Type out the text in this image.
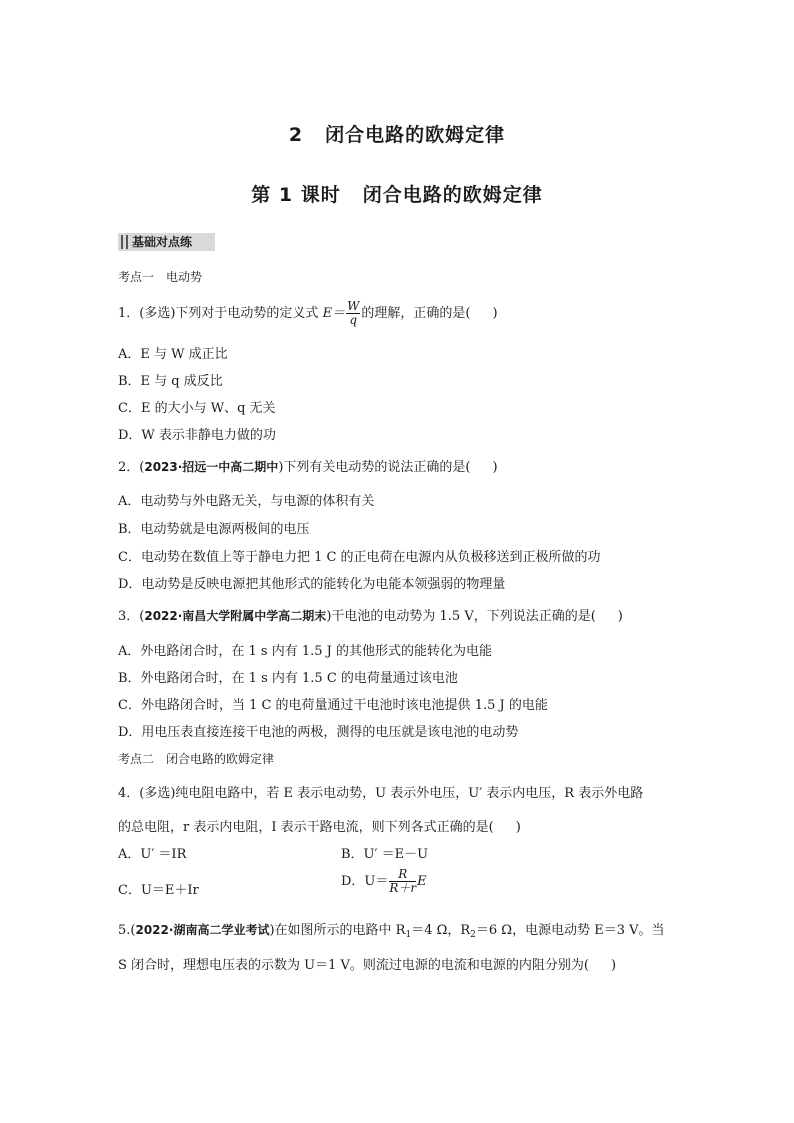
2 闭合电路的欧姆定律
第 1 课时 闭合电路的欧姆定律
基础对点练
考点一　电动势
1．(多选)下列对于电动势的定义式 $E= \frac{W}{q}$ 的理解，正确的是( )
A．E 与 W 成正比
B．E 与 q 成反比
C．E 的大小与 W、q 无关
D．W 表示非静电力做的功
2．(2023·招远一中高二期中)下列有关电动势的说法正确的是( )
A．电动势与外电路无关，与电源的体积有关
B．电动势就是电源两极间的电压
C．电动势在数值上等于静电力把 1 C 的正电荷在电源内从负极移送到正极所做的功
D．电动势是反映电源把其他形式的能转化为电能本领强弱的物理量
3．(2022·南昌大学附属中学高二期末)干电池的电动势为 1.5 V，下列说法正确的是( )
A．外电路闭合时，在 1 s 内有 1.5 J 的其他形式的能转化为电能
B．外电路闭合时，在 1 s 内有 1.5 C 的电荷量通过该电池
C．外电路闭合时，当 1 C 的电荷量通过干电池时该电池提供 1.5 J 的电能
D．用电压表直接连接干电池的两极，测得的电压就是该电池的电动势
考点二　闭合电路的欧姆定律
4．(多选)纯电阻电路中，若 E 表示电动势，U 表示外电压，U′ 表示内电压，R 表示外电路
的总电阻，r 表示内电阻，I 表示干路电流，则下列各式正确的是( )
A．U′ ＝IR	B．U′ ＝E－U
C．U＝E＋Ir
D．$U= \frac{R}{R+r}$ E
5.(2022·湖南高二学业考试)在如图所示的电路中 $R_1=4$ Ω，$R_2=6$ Ω，电源电动势 E＝3 V。当
S 闭合时，理想电压表的示数为 U＝1 V。则流过电源的电流和电源的内阻分别为( )
